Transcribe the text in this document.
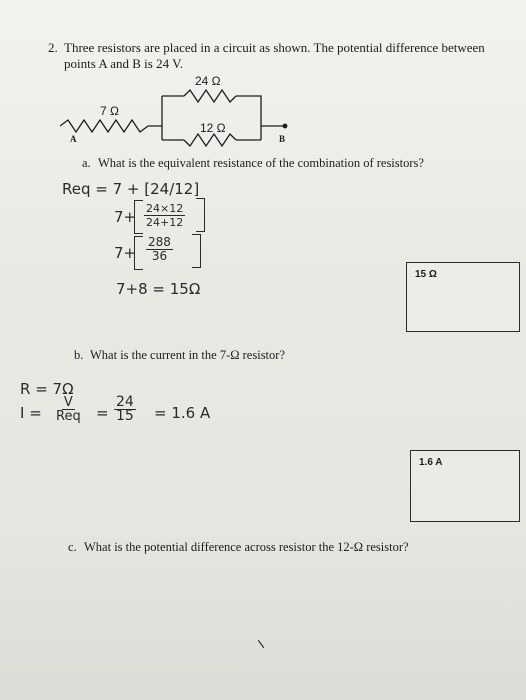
2. Three resistors are placed in a circuit as shown. The potential difference between points A and B is 24 V.
24 Ω
7 Ω
12 Ω
A	B
a. What is the equivalent resistance of the combination of resistors?
Req = 7 + [24/12]
$7+ \frac{24\times 12}{24+12}$
$7+ \frac{288}{36}$
7+8 = 15Ω
15 Ω
b. What is the current in the 7-Ω resistor?
R = 7Ω
I =
V
Req = $\frac{24}{15} = 1.6$ A
1.6 A
c. What is the potential difference across resistor the 12-Ω resistor?
